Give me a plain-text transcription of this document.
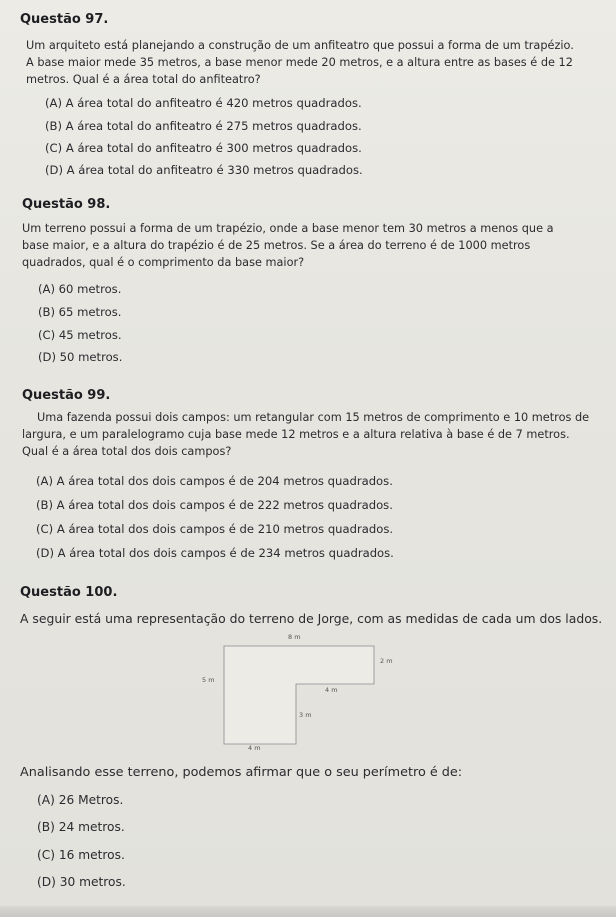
Questão 97.
Um arquiteto está planejando a construção de um anfiteatro que possui a forma de um trapézio. A base maior mede 35 metros, a base menor mede 20 metros, e a altura entre as bases é de 12 metros. Qual é a área total do anfiteatro?
(A) A área total do anfiteatro é 420 metros quadrados.
(B) A área total do anfiteatro é 275 metros quadrados.
(C) A área total do anfiteatro é 300 metros quadrados.
(D) A área total do anfiteatro é 330 metros quadrados.
Questão 98.
Um terreno possui a forma de um trapézio, onde a base menor tem 30 metros a menos que a base maior, e a altura do trapézio é de 25 metros. Se a área do terreno é de 1000 metros quadrados, qual é o comprimento da base maior?
(A) 60 metros.
(B) 65 metros.
(C) 45 metros.
(D) 50 metros.
Questão 99.
Uma fazenda possui dois campos: um retangular com 15 metros de comprimento e 10 metros de largura, e um paralelogramo cuja base mede 12 metros e a altura relativa à base é de 7 metros. Qual é a área total dos dois campos?
(A) A área total dos dois campos é de 204 metros quadrados.
(B) A área total dos dois campos é de 222 metros quadrados.
(C) A área total dos dois campos é de 210 metros quadrados.
(D) A área total dos dois campos é de 234 metros quadrados.
Questão 100.
A seguir está uma representação do terreno de Jorge, com as medidas de cada um dos lados.
8 m
2 m
5 m
4 m
3 m
4 m
Analisando esse terreno, podemos afirmar que o seu perímetro é de:
(A) 26 Metros.
(B) 24 metros.
(C) 16 metros.
(D) 30 metros.
